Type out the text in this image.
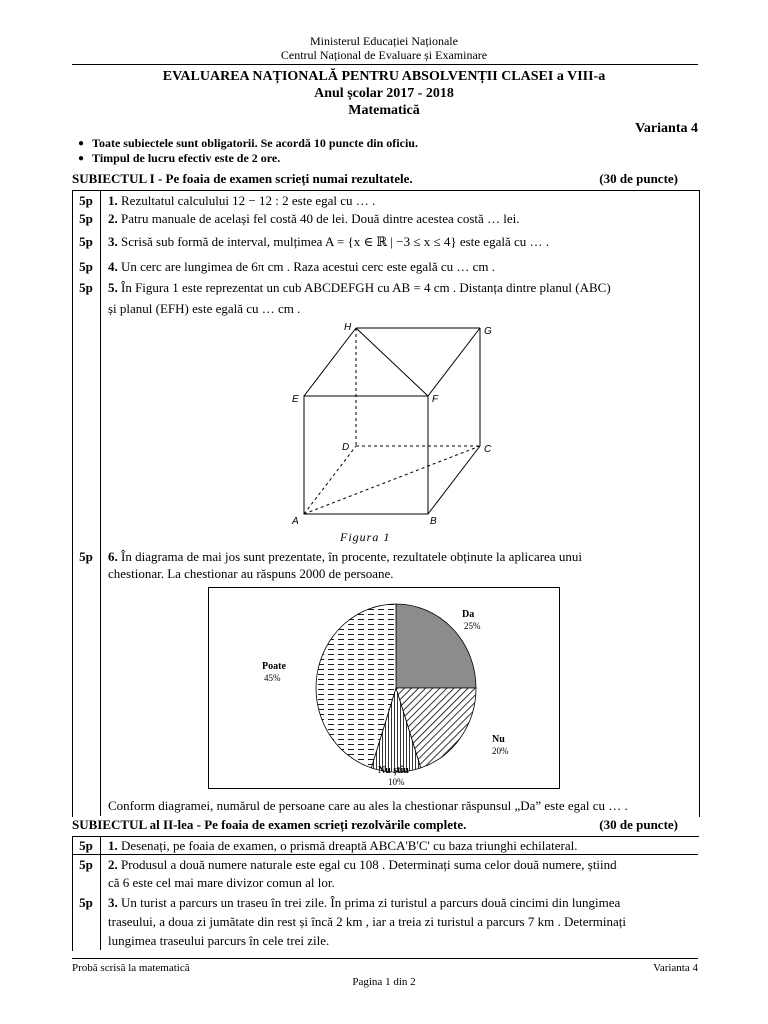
Ministerul Educației Naționale
Centrul Național de Evaluare și Examinare
EVALUAREA NAȚIONALĂ PENTRU ABSOLVENȚII CLASEI a VIII-a
Anul școlar 2017 - 2018
Matematică
Varianta 4
● Toate subiectele sunt obligatorii. Se acordă 10 puncte din oficiu.
● Timpul de lucru efectiv este de 2 ore.
SUBIECTUL I - Pe foaia de examen scrieți numai rezultatele.	(30 de puncte)
5p	1. Rezultatul calculului 12 − 12 : 2 este egal cu … .
5p	2. Patru manuale de același fel costă 40 de lei. Două dintre acestea costă … lei.
5p	3. Scrisă sub formă de interval, mulțimea A = {x ∈ ℝ | −3 ≤ x ≤ 4} este egală cu … .
5p	4. Un cerc are lungimea de 6π cm . Raza acestui cerc este egală cu … cm .
5p	5. În Figura 1 este reprezentat un cub ABCDEFGH cu AB = 4 cm . Distanța dintre planul (ABC)
și planul (EFH) este egală cu … cm .
A	B
C
D
E	F
G
H
Figura 1
5p	6. În diagrama de mai jos sunt prezentate, în procente, rezultatele obținute la aplicarea unui
chestionar. La chestionar au răspuns 2000 de persoane.
Da
25%
Nu
20%
Nu știu
10%
Poate
45%
Conform diagramei, numărul de persoane care au ales la chestionar răspunsul „Da” este egal cu … .
SUBIECTUL al II-lea - Pe foaia de examen scrieți rezolvările complete.	(30 de puncte)
5p	1. Desenați, pe foaia de examen, o prismă dreaptă ABCA'B'C' cu baza triunghi echilateral.
5p	2. Produsul a două numere naturale este egal cu 108 . Determinați suma celor două numere, știind
că 6 este cel mai mare divizor comun al lor.
5p	3. Un turist a parcurs un traseu în trei zile. În prima zi turistul a parcurs două cincimi din lungimea
traseului, a doua zi jumătate din rest și încă 2 km , iar a treia zi turistul a parcurs 7 km . Determinați
lungimea traseului parcurs în cele trei zile.
Probă scrisă la matematică	Varianta 4
Pagina 1 din 2
